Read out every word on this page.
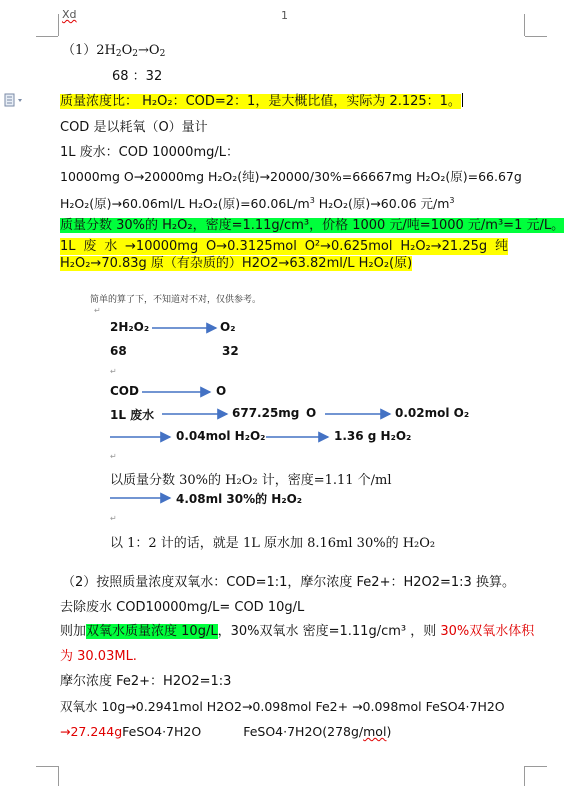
Xd	1
$(1)2H_2O_2\to O_2$
68 ：32
质量浓度比： H₂O₂：COD=2：1，是大概比值，实际为 2.125：1。
COD 是以耗氧（O）量计
1L 废水：COD 10000mg/L：
10000mg O→20000mg H₂O₂(纯)→20000/30%=66667mg H₂O₂(原)=66.67g
H₂O₂(原)→60.06ml/L H₂O₂(原)$=60.06L/m^3$ H₂O₂(原)→60.06 元$/m^3$
质量分数 30%的 H₂O₂，密度=1.11g/cm³，价格 1000 元/吨=1000 元/m³=1 元/L。
1L 废 水 →10000mg O→0.3125mol O²→0.625mol H₂O₂→21.25g 纯
H₂O₂→70.83g 原（有杂质的）H2O2→63.82ml/L H₂O₂(原)
简单的算了下，不知道对不对，仅供参考。
↵
2H₂O₂	O₂
68	32
↵
COD	O
1L 废水	677.25mg O	0.02mol O₂
0.04mol H₂O₂	1.36 g H₂O₂
↵
以质量分数 30%的 H₂O₂ 计，密度=1.11 个/ml
4.08ml 30%的 H₂O₂
↵
以 1：2 计的话，就是 1L 原水加 8.16ml 30%的 H₂O₂
（2）按照质量浓度双氧水：COD=1:1，摩尔浓度 Fe2+：H2O2=1:3 换算。
去除废水 COD10000mg/L= COD 10g/L
则加双氧水质量浓度 10g/L，30%双氧水 密度=1.11g/cm³ ，则 30%双氧水体积
为 30.03ML.
摩尔浓度 Fe2+：H2O2=1:3
双氧水 10g→0.2941mol H2O2→0.098mol Fe2+ →0.098mol FeSO4·7H2O
→27.244gFeSO4·7H2O	FeSO4·7H2O(278g/mol)
